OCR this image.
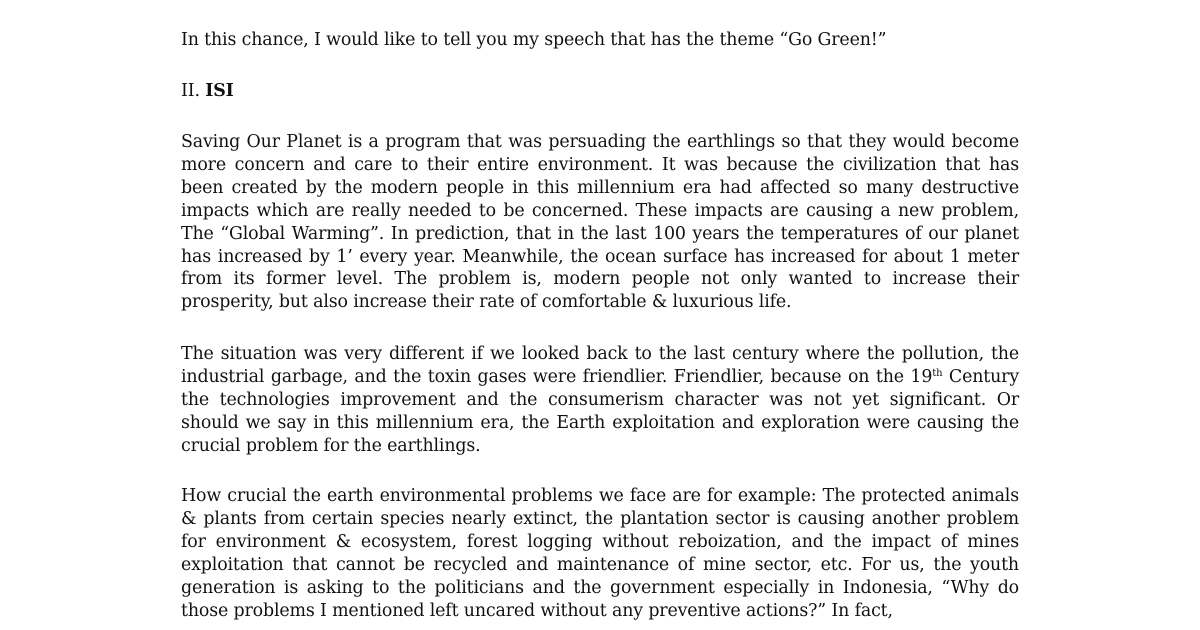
In this chance, I would like to tell you my speech that has the theme “Go Green!”

II. ISI

Saving Our Planet is a program that was persuading the earthlings so that they would become more concern and care to their entire environment. It was because the civilization that has been created by the modern people in this millennium era had affected so many destructive impacts which are really needed to be concerned. These impacts are causing a new problem, The “Global Warming”. In prediction, that in the last 100 years the temperatures of our planet has increased by 1’ every year. Meanwhile, the ocean surface has increased for about 1 meter from its former level. The problem is, modern people not only wanted to increase their prosperity, but also increase their rate of comfortable & luxurious life.

The situation was very different if we looked back to the last century where the pollution, the industrial garbage, and the toxin gases were friendlier. Friendlier, because on the 19th Century the technologies improvement and the consumerism character was not yet significant. Or should we say in this millennium era, the Earth exploitation and exploration were causing the crucial problem for the earthlings.

How crucial the earth environmental problems we face are for example: The protected animals & plants from certain species nearly extinct, the plantation sector is causing another problem for environment & ecosystem, forest logging without reboization, and the impact of mines exploitation that cannot be recycled and maintenance of mine sector, etc. For us, the youth generation is asking to the politicians and the government especially in Indonesia, “Why do those problems I mentioned left uncared without any preventive actions?” In fact,
